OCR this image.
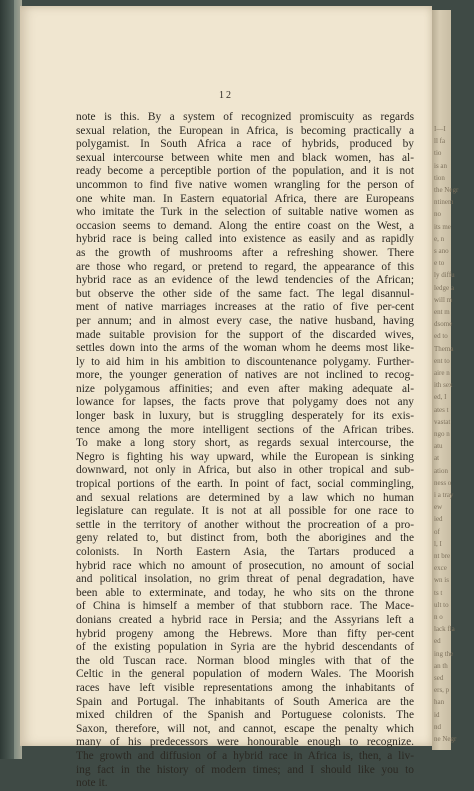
12
note is this. By a system of recognized promiscuity as regards
sexual relation, the European in Africa, is becoming practically a
polygamist. In South Africa a race of hybrids, produced by
sexual intercourse between white men and black women, has al-
ready become a perceptible portion of the population, and it is not
uncommon to find five native women wrangling for the person of
one white man. In Eastern equatorial Africa, there are Europeans
who imitate the Turk in the selection of suitable native women as
occasion seems to demand. Along the entire coast on the West, a
hybrid race is being called into existence as easily and as rapidly
as the growth of mushrooms after a refreshing shower. There
are those who regard, or pretend to regard, the appearance of this
hybrid race as an evidence of the lewd tendencies of the African;
but observe the other side of the same fact. The legal disannul-
ment of native marriages increases at the ratio of five per-cent
per annum; and in almost every case, the native husband, having
made suitable provision for the support of the discarded wives,
settles down into the arms of the woman whom he deems most like-
ly to aid him in his ambition to discountenance polygamy. Further-
more, the younger generation of natives are not inclined to recog-
nize polygamous affinities; and even after making adequate al-
lowance for lapses, the facts prove that polygamy does not any
longer bask in luxury, but is struggling desperately for its exis-
tence among the more intelligent sections of the African tribes.
To make a long story short, as regards sexual intercourse, the
Negro is fighting his way upward, while the European is sinking
downward, not only in Africa, but also in other tropical and sub-
tropical portions of the earth. In point of fact, social commingling,
and sexual relations are determined by a law which no human
legislature can regulate. It is not at all possible for one race to
settle in the territory of another without the procreation of a pro-
geny related to, but distinct from, both the aborigines and the
colonists. In North Eastern Asia, the Tartars produced a
hybrid race which no amount of prosecution, no amount of social
and political insolation, no grim threat of penal degradation, have
been able to exterminate, and today, he who sits on the throne
of China is himself a member of that stubborn race. The Mace-
donians created a hybrid race in Persia; and the Assyrians left a
hybrid progeny among the Hebrews. More than fifty per-cent
of the existing population in Syria are the hybrid descendants of
the old Tuscan race. Norman blood mingles with that of the
Celtic in the general population of modern Wales. The Moorish
races have left visible representations among the inhabitants of
Spain and Portugal. The inhabitants of South America are the
mixed children of the Spanish and Portuguese colonists. The
Saxon, therefore, will not, and cannot, escape the penalty which
many of his predecessors were honourable enough to recognize.
The growth and diffusion of a hybrid race in Africa is, then, a liv-
ing fact in the history of modern times; and I should like you to
note it.
I—I
ll fa
tio
is an
tion
the Negr
ntinem
no
its me
e, n
s ano
e to
ly diffu
ledge a
will m
ent m
dsome
ed to
Thema
ent to
aire n
ith sex
ed, I
ates t
vastat
ngo n
atu
at
ation
ness o
i a tray
ew
ied
of
l, I
nt bre
exce
wn is
ts t
ult to
n o
lack fla
ed
ing the
an th
sed
ers, p
han
id
nd
ne Negr
